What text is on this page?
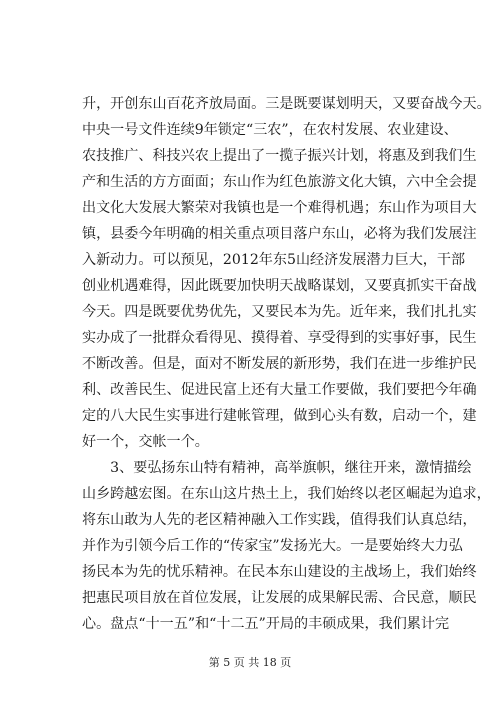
升，开创东山百花齐放局面。三是既要谋划明天，又要奋战今天。
中央一号文件连续9年锁定“三农”，在农村发展、农业建设、
农技推广、科技兴农上提出了一揽子振兴计划，将惠及到我们生
产和生活的方方面面；东山作为红色旅游文化大镇，六中全会提
出文化大发展大繁荣对我镇也是一个难得机遇；东山作为项目大
镇，县委今年明确的相关重点项目落户东山，必将为我们发展注
入新动力。可以预见，2012年东5山经济发展潜力巨大，干部
创业机遇难得，因此既要加快明天战略谋划，又要真抓实干奋战
今天。四是既要优势优先，又要民本为先。近年来，我们扎扎实
实办成了一批群众看得见、摸得着、享受得到的实事好事，民生
不断改善。但是，面对不断发展的新形势，我们在进一步维护民
利、改善民生、促进民富上还有大量工作要做，我们要把今年确
定的八大民生实事进行建帐管理，做到心头有数，启动一个，建
好一个，交帐一个。
　　3、要弘扬东山特有精神，高举旗帜，继往开来，激情描绘
山乡跨越宏图。在东山这片热土上，我们始终以老区崛起为追求，
将东山敢为人先的老区精神融入工作实践，值得我们认真总结，
并作为引领今后工作的“传家宝”发扬光大。一是要始终大力弘
扬民本为先的忧乐精神。在民本东山建设的主战场上，我们始终
把惠民项目放在首位发展，让发展的成果解民需、合民意，顺民
心。盘点“十一五”和“十二五”开局的丰硕成果，我们累计完
第 5 页 共 18 页
